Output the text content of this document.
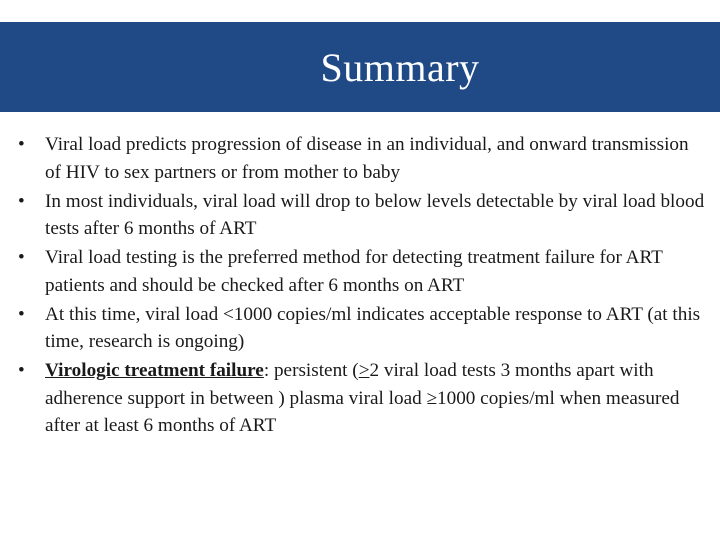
Summary
•	Viral load predicts progression of disease in an individual, and onward transmission of HIV to sex partners or from mother to baby
•	In most individuals, viral load will drop to below levels detectable by viral load blood tests after 6 months of ART
•	Viral load testing is the preferred method for detecting treatment failure for ART patients and should be checked after 6 months on ART
•	At this time, viral load <1000 copies/ml indicates acceptable response to ART (at this time, research is ongoing)
•	Virologic treatment failure: persistent (≥2 viral load tests 3 months apart with adherence support in between ) plasma viral load ≥1000 copies/ml when measured after at least 6 months of ART
